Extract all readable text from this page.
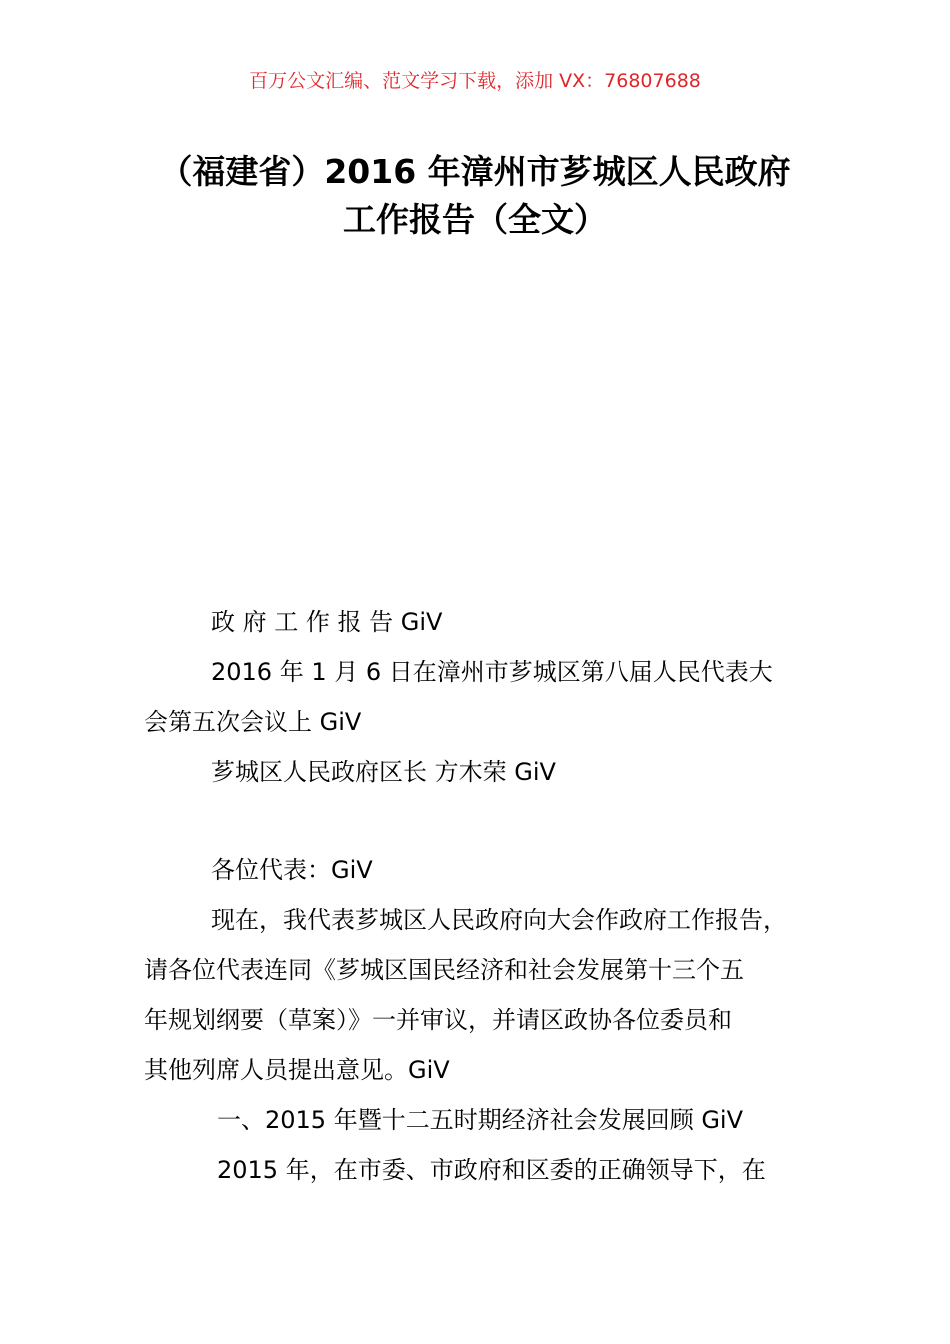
百万公文汇编、范文学习下载，添加 VX：76807688
（福建省）2016 年漳州市芗城区人民政府
工作报告（全文）
政 府 工 作 报 告 GiV
2016 年 1 月 6 日在漳州市芗城区第八届人民代表大
会第五次会议上 GiV
芗城区人民政府区长 方木荣 GiV
各位代表：GiV
现在，我代表芗城区人民政府向大会作政府工作报告，
请各位代表连同《芗城区国民经济和社会发展第十三个五
年规划纲要（草案）》一并审议，并请区政协各位委员和
其他列席人员提出意见。GiV
一、2015 年暨十二五时期经济社会发展回顾 GiV
2015 年，在市委、市政府和区委的正确领导下，在
